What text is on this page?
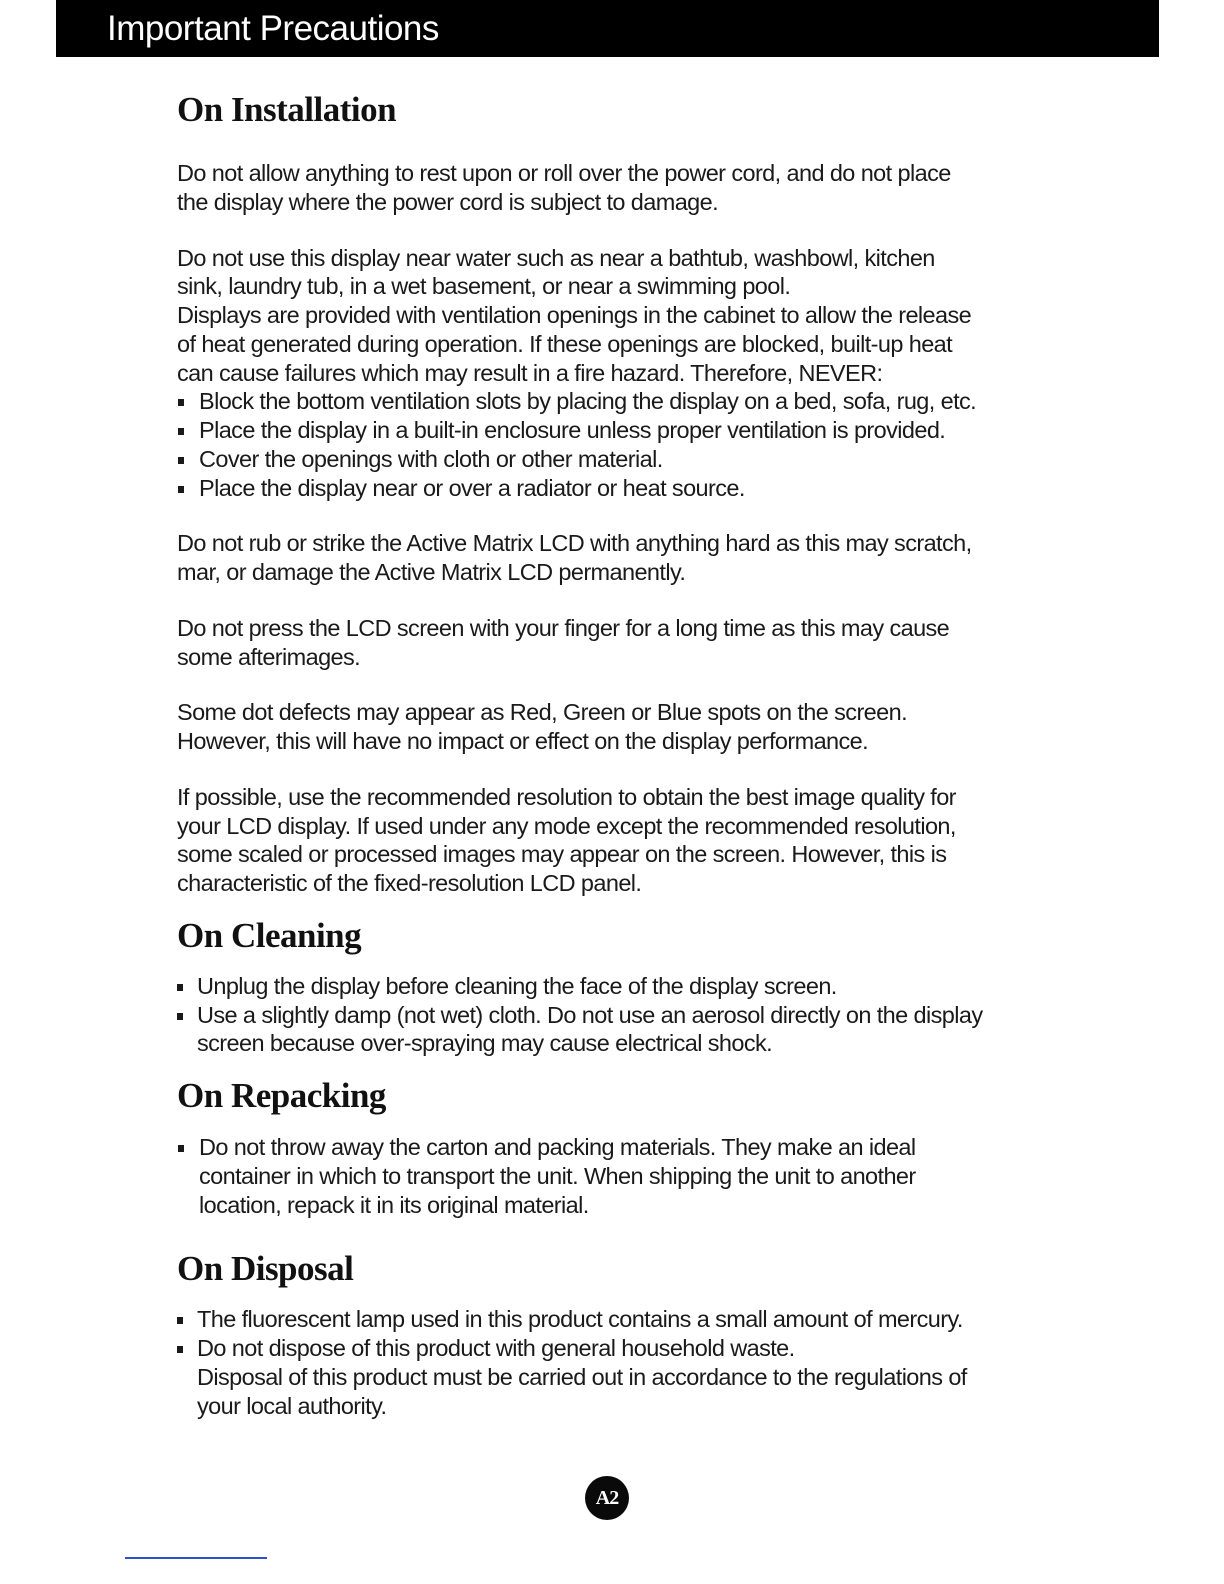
Important Precautions
On Installation

Do not allow anything to rest upon or roll over the power cord, and do not place
the display where the power cord is subject to damage.

Do not use this display near water such as near a bathtub, washbowl, kitchen
sink, laundry tub, in a wet basement, or near a swimming pool.
Displays are provided with ventilation openings in the cabinet to allow the release
of heat generated during operation. If these openings are blocked, built-up heat
can cause failures which may result in a fire hazard. Therefore, NEVER:

Block the bottom ventilation slots by placing the display on a bed, sofa, rug, etc.
Place the display in a built-in enclosure unless proper ventilation is provided.
Cover the openings with cloth or other material.
Place the display near or over a radiator or heat source.

Do not rub or strike the Active Matrix LCD with anything hard as this may scratch,
mar, or damage the Active Matrix LCD permanently.

Do not press the LCD screen with your finger for a long time as this may cause
some afterimages.

Some dot defects may appear as Red, Green or Blue spots on the screen.
However, this will have no impact or effect on the display performance.

If possible, use the recommended resolution to obtain the best image quality for
your LCD display. If used under any mode except the recommended resolution,
some scaled or processed images may appear on the screen. However, this is
characteristic of the fixed-resolution LCD panel.

On Cleaning
Unplug the display before cleaning the face of the display screen.
Use a slightly damp (not wet) cloth. Do not use an aerosol directly on the display
screen because over-spraying may cause electrical shock.
On Repacking
Do not throw away the carton and packing materials. They make an ideal
container in which to transport the unit. When shipping the unit to another
location, repack it in its original material.
On Disposal
The fluorescent lamp used in this product contains a small amount of mercury.
Do not dispose of this product with general household waste.
Disposal of this product must be carried out in accordance to the regulations of
your local authority.
A2
